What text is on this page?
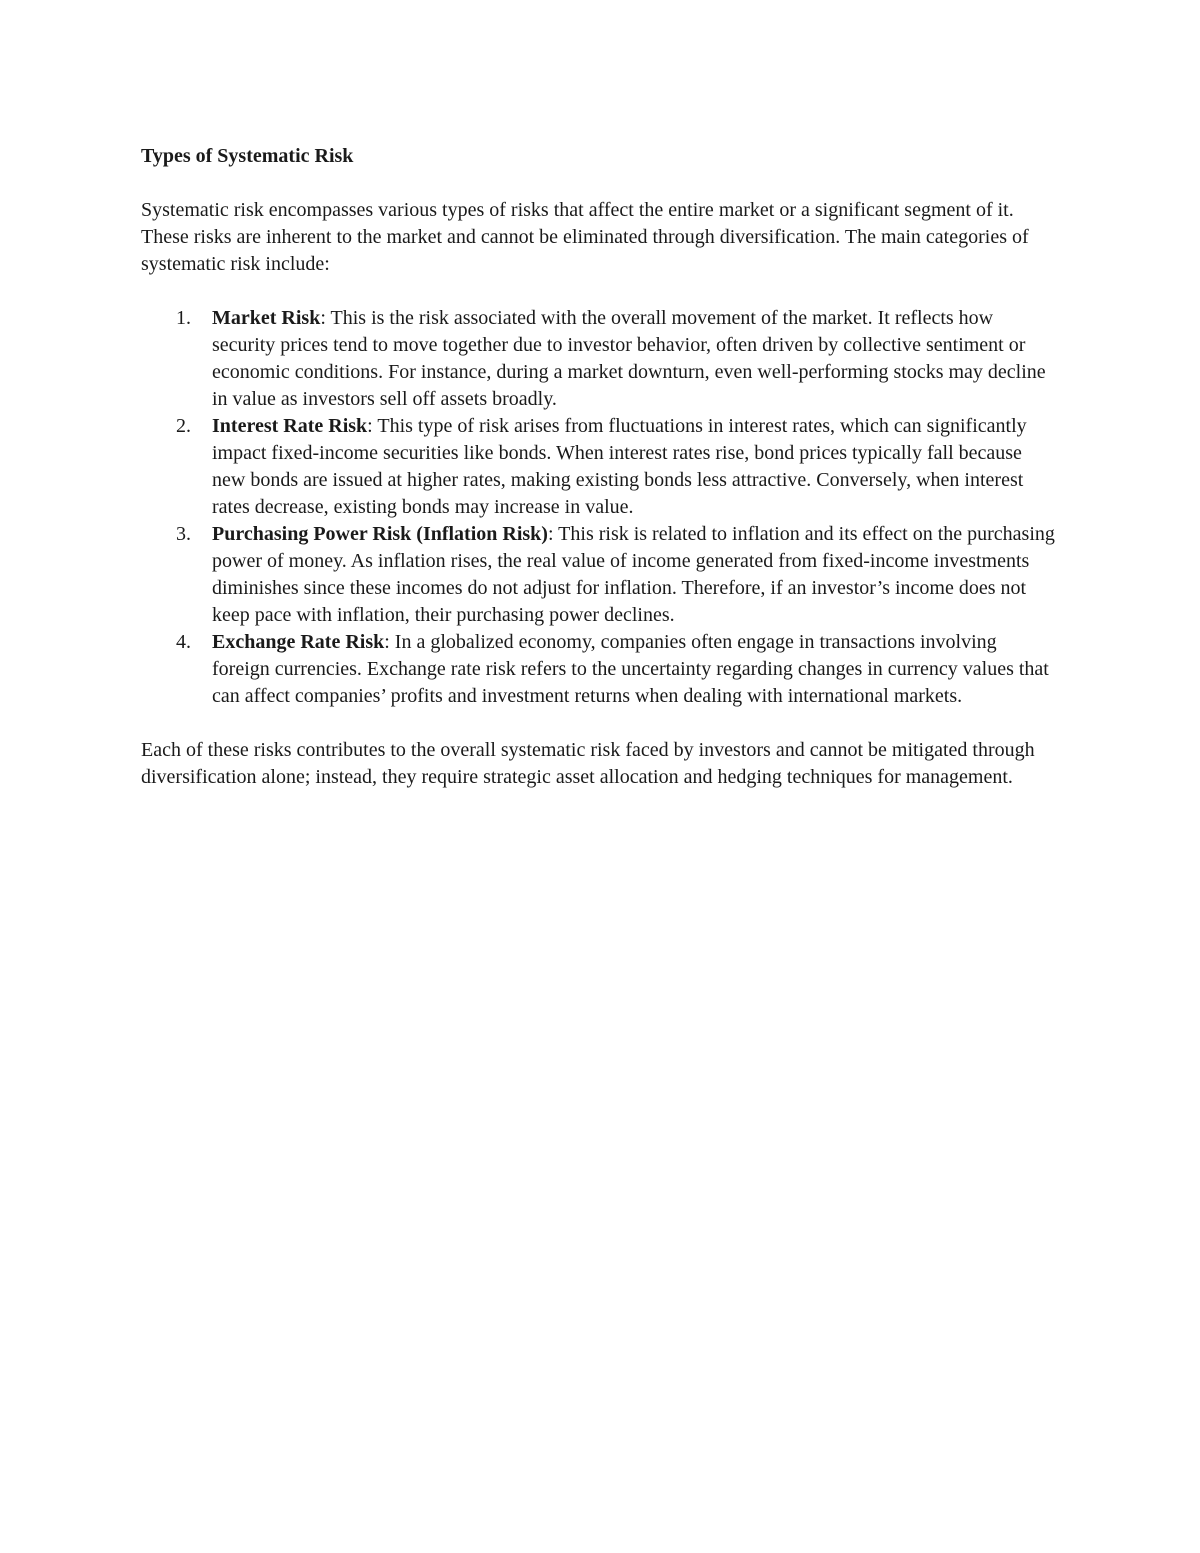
Types of Systematic Risk

Systematic risk encompasses various types of risks that affect the entire market or a significant segment of it. These risks are inherent to the market and cannot be eliminated through diversification. The main categories of systematic risk include:

1. Market Risk: This is the risk associated with the overall movement of the market. It reflects how security prices tend to move together due to investor behavior, often driven by collective sentiment or economic conditions. For instance, during a market downturn, even well-performing stocks may decline in value as investors sell off assets broadly.
2. Interest Rate Risk: This type of risk arises from fluctuations in interest rates, which can significantly impact fixed-income securities like bonds. When interest rates rise, bond prices typically fall because new bonds are issued at higher rates, making existing bonds less attractive. Conversely, when interest rates decrease, existing bonds may increase in value.
3. Purchasing Power Risk (Inflation Risk): This risk is related to inflation and its effect on the purchasing power of money. As inflation rises, the real value of income generated from fixed-income investments diminishes since these incomes do not adjust for inflation. Therefore, if an investor’s income does not keep pace with inflation, their purchasing power declines.
4. Exchange Rate Risk: In a globalized economy, companies often engage in transactions involving foreign currencies. Exchange rate risk refers to the uncertainty regarding changes in currency values that can affect companies’ profits and investment returns when dealing with international markets.

Each of these risks contributes to the overall systematic risk faced by investors and cannot be mitigated through diversification alone; instead, they require strategic asset allocation and hedging techniques for management.
